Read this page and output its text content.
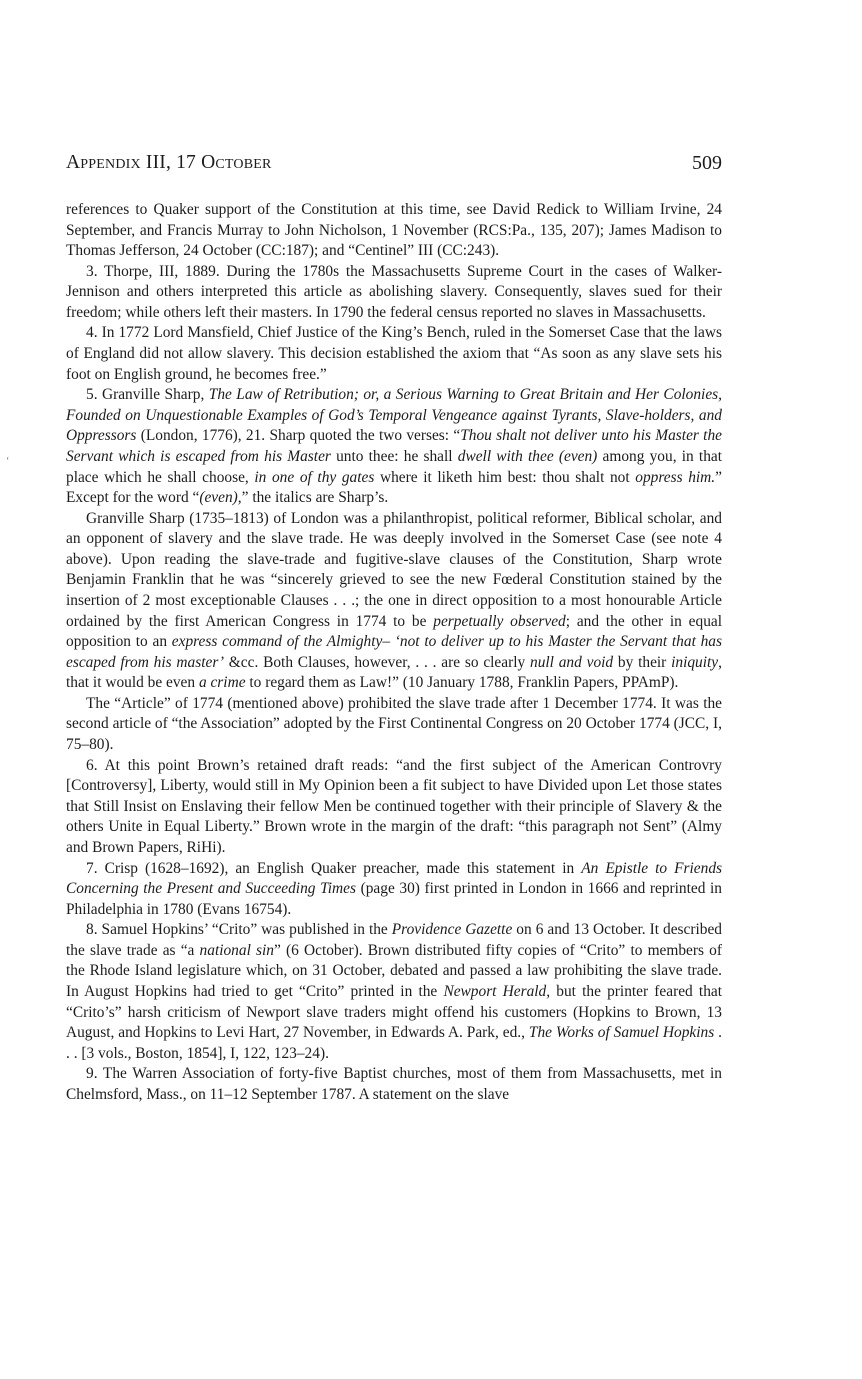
Appendix III, 17 October	509
‘

references to Quaker support of the Constitution at this time, see David Redick to William Irvine, 24 September, and Francis Murray to John Nicholson, 1 November (RCS:Pa., 135, 207); James Madison to Thomas Jefferson, 24 October (CC:187); and “Centinel” III (CC:243).

3. Thorpe, III, 1889. During the 1780s the Massachusetts Supreme Court in the cases of Walker-Jennison and others interpreted this article as abolishing slavery. Consequently, slaves sued for their freedom; while others left their masters. In 1790 the federal census reported no slaves in Massachusetts.

4. In 1772 Lord Mansfield, Chief Justice of the King’s Bench, ruled in the Somerset Case that the laws of England did not allow slavery. This decision established the axiom that “As soon as any slave sets his foot on English ground, he becomes free.”

5. Granville Sharp, The Law of Retribution; or, a Serious Warning to Great Britain and Her Colonies, Founded on Unquestionable Examples of God’s Temporal Vengeance against Tyrants, Slave-holders, and Oppressors (London, 1776), 21. Sharp quoted the two verses: “Thou shalt not deliver unto his Master the Servant which is escaped from his Master unto thee: he shall dwell with thee (even) among you, in that place which he shall choose, in one of thy gates where it liketh him best: thou shalt not oppress him.” Except for the word “(even),” the italics are Sharp’s.

Granville Sharp (1735–1813) of London was a philanthropist, political reformer, Biblical scholar, and an opponent of slavery and the slave trade. He was deeply involved in the Somerset Case (see note 4 above). Upon reading the slave-trade and fugitive-slave clauses of the Constitution, Sharp wrote Benjamin Franklin that he was “sincerely grieved to see the new Fœderal Constitution stained by the insertion of 2 most exceptionable Clauses . . .; the one in direct opposition to a most honourable Article ordained by the first American Congress in 1774 to be perpetually observed; and the other in equal opposition to an express command of the Almighty– ‘not to deliver up to his Master the Servant that has escaped from his master’ &cc. Both Clauses, however, . . . are so clearly null and void by their iniquity, that it would be even a crime to regard them as Law!” (10 January 1788, Franklin Papers, PPAmP).

The “Article” of 1774 (mentioned above) prohibited the slave trade after 1 December 1774. It was the second article of “the Association” adopted by the First Continental Congress on 20 October 1774 (JCC, I, 75–80).

6. At this point Brown’s retained draft reads: “and the first subject of the American Controvry [Controversy], Liberty, would still in My Opinion been a fit subject to have Divided upon Let those states that Still Insist on Enslaving their fellow Men be continued together with their principle of Slavery & the others Unite in Equal Liberty.” Brown wrote in the margin of the draft: “this paragraph not Sent” (Almy and Brown Papers, RiHi).

7. Crisp (1628–1692), an English Quaker preacher, made this statement in An Epistle to Friends Concerning the Present and Succeeding Times (page 30) first printed in London in 1666 and reprinted in Philadelphia in 1780 (Evans 16754).

8. Samuel Hopkins’ “Crito” was published in the Providence Gazette on 6 and 13 October. It described the slave trade as “a national sin” (6 October). Brown distributed fifty copies of “Crito” to members of the Rhode Island legislature which, on 31 October, debated and passed a law prohibiting the slave trade. In August Hopkins had tried to get “Crito” printed in the Newport Herald, but the printer feared that “Crito’s” harsh criticism of Newport slave traders might offend his customers (Hopkins to Brown, 13 August, and Hopkins to Levi Hart, 27 November, in Edwards A. Park, ed., The Works of Samuel Hopkins . . . [3 vols., Boston, 1854], I, 122, 123–24).

9. The Warren Association of forty-five Baptist churches, most of them from Massachusetts, met in Chelmsford, Mass., on 11–12 September 1787. A statement on the slave
